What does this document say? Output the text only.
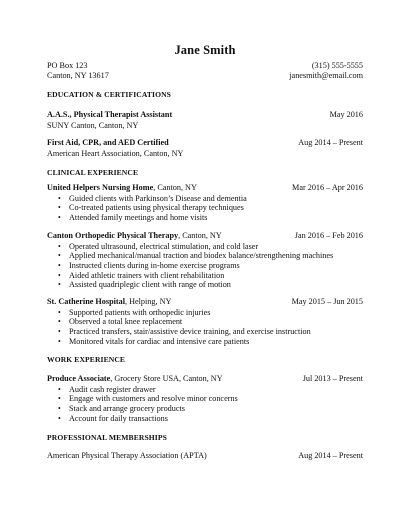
Jane Smith
PO Box 123
Canton, NY 13617
(315) 555-5555
janesmith@email.com
EDUCATION & CERTIFICATIONS
A.A.S., Physical Therapist Assistant	May 2016
SUNY Canton, Canton, NY
First Aid, CPR, and AED Certified	Aug 2014 – Present
American Heart Association, Canton, NY
CLINICAL EXPERIENCE
United Helpers Nursing Home, Canton, NY	Mar 2016 – Apr 2016
• Guided clients with Parkinson’s Disease and dementia
• Co-treated patients using physical therapy techniques
• Attended family meetings and home visits
Canton Orthopedic Physical Therapy, Canton, NY	Jan 2016 – Feb 2016
• Operated ultrasound, electrical stimulation, and cold laser
• Applied mechanical/manual traction and biodex balance/strengthening machines
• Instructed clients during in-home exercise programs
• Aided athletic trainers with client rehabilitation
• Assisted quadriplegic client with range of motion
St. Catherine Hospital, Helping, NY	May 2015 – Jun 2015
• Supported patients with orthopedic injuries
• Observed a total knee replacement
• Practiced transfers, stair/assistive device training, and exercise instruction
• Monitored vitals for cardiac and intensive care patients
WORK EXPERIENCE
Produce Associate, Grocery Store USA, Canton, NY	Jul 2013 – Present
• Audit cash register drawer
• Engage with customers and resolve minor concerns
• Stack and arrange grocery products
• Account for daily transactions
PROFESSIONAL MEMBERSHIPS
American Physical Therapy Association (APTA)	Aug 2014 – Present
